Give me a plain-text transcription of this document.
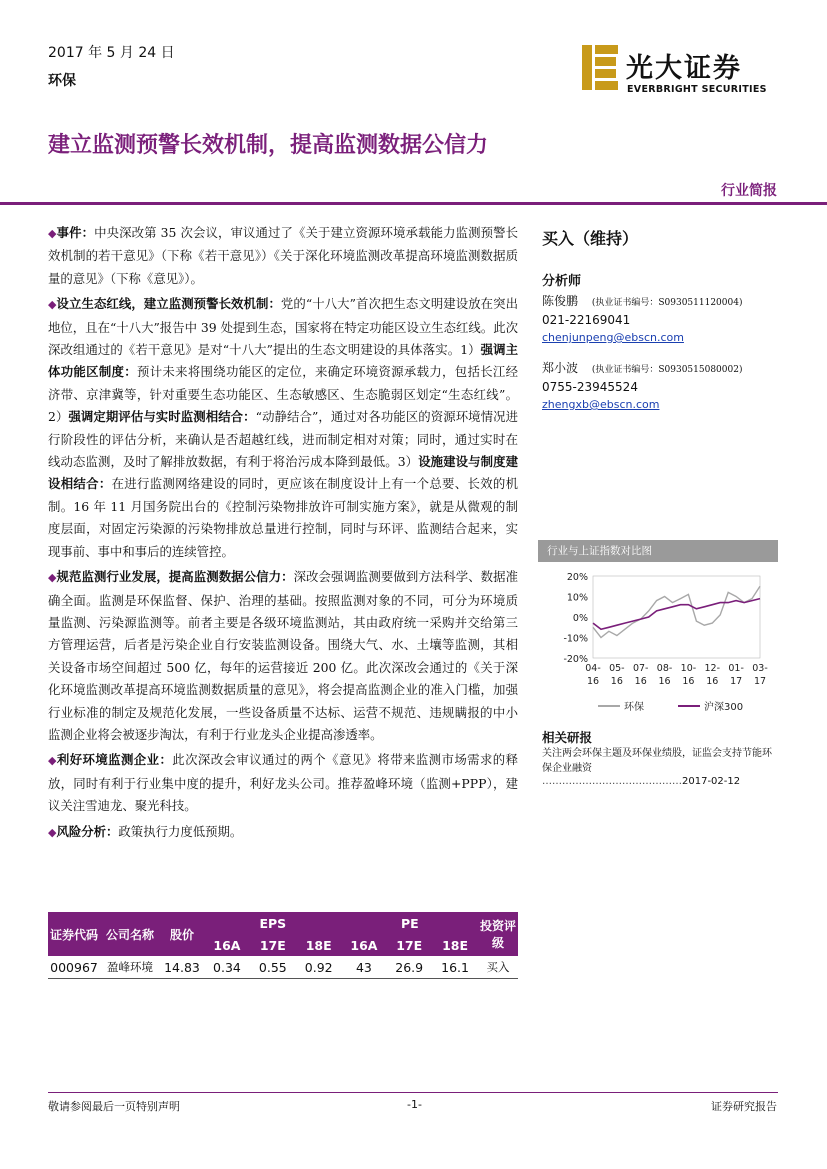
2017 年 5 月 24 日
环保	光大证券
EVERBRIGHT SECURITIES
建立监测预警长效机制，提高监测数据公信力
行业简报

◆事件：中央深改第 35 次会议，审议通过了《关于建立资源环境承载能力监测预警长效机制的若干意见》（下称《若干意见》）《关于深化环境监测改革提高环境监测数据质量的意见》（下称《意见》）。

◆设立生态红线，建立监测预警长效机制：党的“十八大”首次把生态文明建设放在突出地位，且在“十八大”报告中 39 处提到生态，国家将在特定功能区设立生态红线。此次深改组通过的《若干意见》是对“十八大”提出的生态文明建设的具体落实。1）强调主体功能区制度：预计未来将围绕功能区的定位，来确定环境资源承载力，包括长江经济带、京津冀等，针对重要生态功能区、生态敏感区、生态脆弱区划定“生态红线”。2）强调定期评估与实时监测相结合：“动静结合”，通过对各功能区的资源环境情况进行阶段性的评估分析，来确认是否超越红线，进而制定相对对策；同时，通过实时在线动态监测，及时了解排放数据，有利于将治污成本降到最低。3）设施建设与制度建设相结合：在进行监测网络建设的同时，更应该在制度设计上有一个总要、长效的机制。16 年 11 月国务院出台的《控制污染物排放许可制实施方案》，就是从微观的制度层面，对固定污染源的污染物排放总量进行控制，同时与环评、监测结合起来，实现事前、事中和事后的连续管控。

◆规范监测行业发展，提高监测数据公信力：深改会强调监测要做到方法科学、数据准确全面。监测是环保监督、保护、治理的基础。按照监测对象的不同，可分为环境质量监测、污染源监测等。前者主要是各级环境监测站，其由政府统一采购并交给第三方管理运营，后者是污染企业自行安装监测设备。围绕大气、水、土壤等监测，其相关设备市场空间超过 500 亿，每年的运营接近 200 亿。此次深改会通过的《关于深化环境监测改革提高环境监测数据质量的意见》，将会提高监测企业的准入门槛，加强行业标准的制定及规范化发展，一些设备质量不达标、运营不规范、违规瞒报的中小监测企业将会被逐步淘汰，有利于行业龙头企业提高渗透率。

◆利好环境监测企业：此次深改会审议通过的两个《意见》将带来监测市场需求的释放，同时有利于行业集中度的提升，利好龙头公司。推荐盈峰环境（监测+PPP），建议关注雪迪龙、聚光科技。

◆风险分析：政策执行力度低预期。

买入（维持）
分析师
陈俊鹏 (执业证书编号：S0930511120004)
021-22169041
chenjunpeng@ebscn.com
郑小波 (执业证书编号：S0930515080002)
0755-23945524
zhengxb@ebscn.com
行业与上证指数对比图
20%
10%
0%
-10%
-20%
04-
16
05-
16
07-
16
08-
16
10-
16
12-
16
01-
17
03-
17
环保	沪深300
相关研报
关注两会环保主题及环保业绩股，证监会支持节能环保企业融资
……………………………………2017-02-12
证券代码	公司名称	股价	EPS			PE			投资评级
			16A	17E	18E	16A	17E	18E	
000967	盈峰环境	14.83	0.34	0.55	0.92	43	26.9	16.1	买入
敬请参阅最后一页特别声明	-1-	证券研究报告
